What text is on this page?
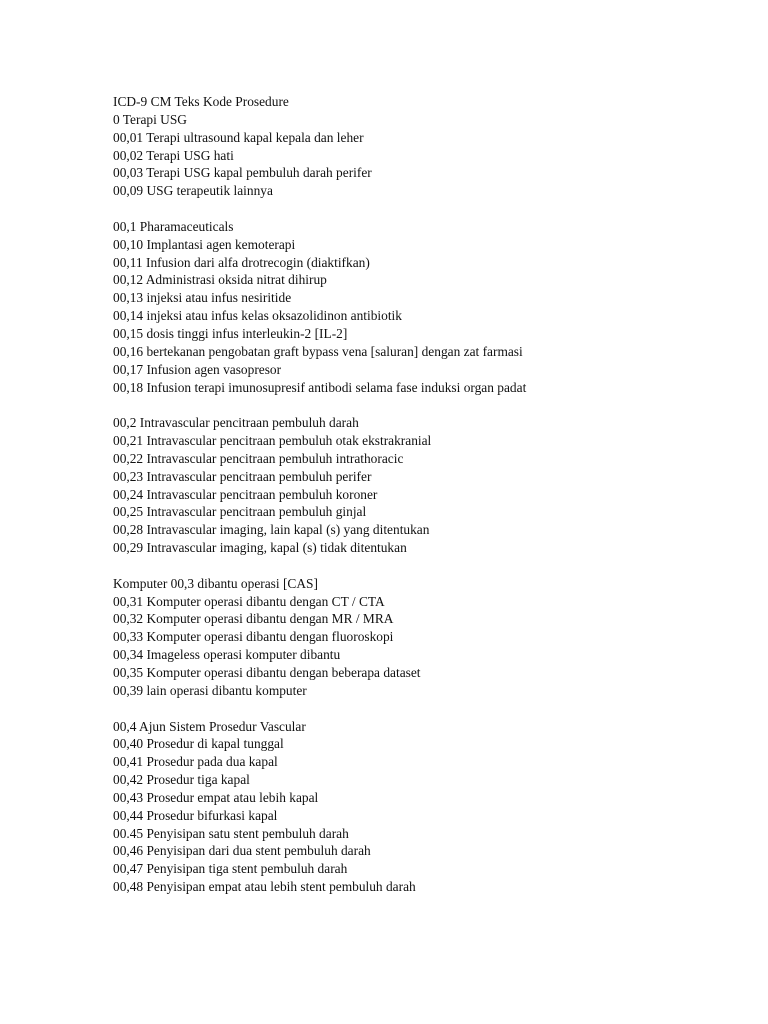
ICD-9 CM Teks Kode Prosedure
0 Terapi USG
00,01 Terapi ultrasound kapal kepala dan leher
00,02 Terapi USG hati
00,03 Terapi USG kapal pembuluh darah perifer
00,09 USG terapeutik lainnya
00,1 Pharamaceuticals
00,10 Implantasi agen kemoterapi
00,11 Infusion dari alfa drotrecogin (diaktifkan)
00,12 Administrasi oksida nitrat dihirup
00,13 injeksi atau infus nesiritide
00,14 injeksi atau infus kelas oksazolidinon antibiotik
00,15 dosis tinggi infus interleukin-2 [IL-2]
00,16 bertekanan pengobatan graft bypass vena [saluran] dengan zat farmasi
00,17 Infusion agen vasopresor
00,18 Infusion terapi imunosupresif antibodi selama fase induksi organ padat
00,2 Intravascular pencitraan pembuluh darah
00,21 Intravascular pencitraan pembuluh otak ekstrakranial
00,22 Intravascular pencitraan pembuluh intrathoracic
00,23 Intravascular pencitraan pembuluh perifer
00,24 Intravascular pencitraan pembuluh koroner
00,25 Intravascular pencitraan pembuluh ginjal
00,28 Intravascular imaging, lain kapal (s) yang ditentukan
00,29 Intravascular imaging, kapal (s) tidak ditentukan
Komputer 00,3 dibantu operasi [CAS]
00,31 Komputer operasi dibantu dengan CT / CTA
00,32 Komputer operasi dibantu dengan MR / MRA
00,33 Komputer operasi dibantu dengan fluoroskopi
00,34 Imageless operasi komputer dibantu
00,35 Komputer operasi dibantu dengan beberapa dataset
00,39 lain operasi dibantu komputer
00,4 Ajun Sistem Prosedur Vascular
00,40 Prosedur di kapal tunggal
00,41 Prosedur pada dua kapal
00,42 Prosedur tiga kapal
00,43 Prosedur empat atau lebih kapal
00,44 Prosedur bifurkasi kapal
00.45 Penyisipan satu stent pembuluh darah
00,46 Penyisipan dari dua stent pembuluh darah
00,47 Penyisipan tiga stent pembuluh darah
00,48 Penyisipan empat atau lebih stent pembuluh darah
